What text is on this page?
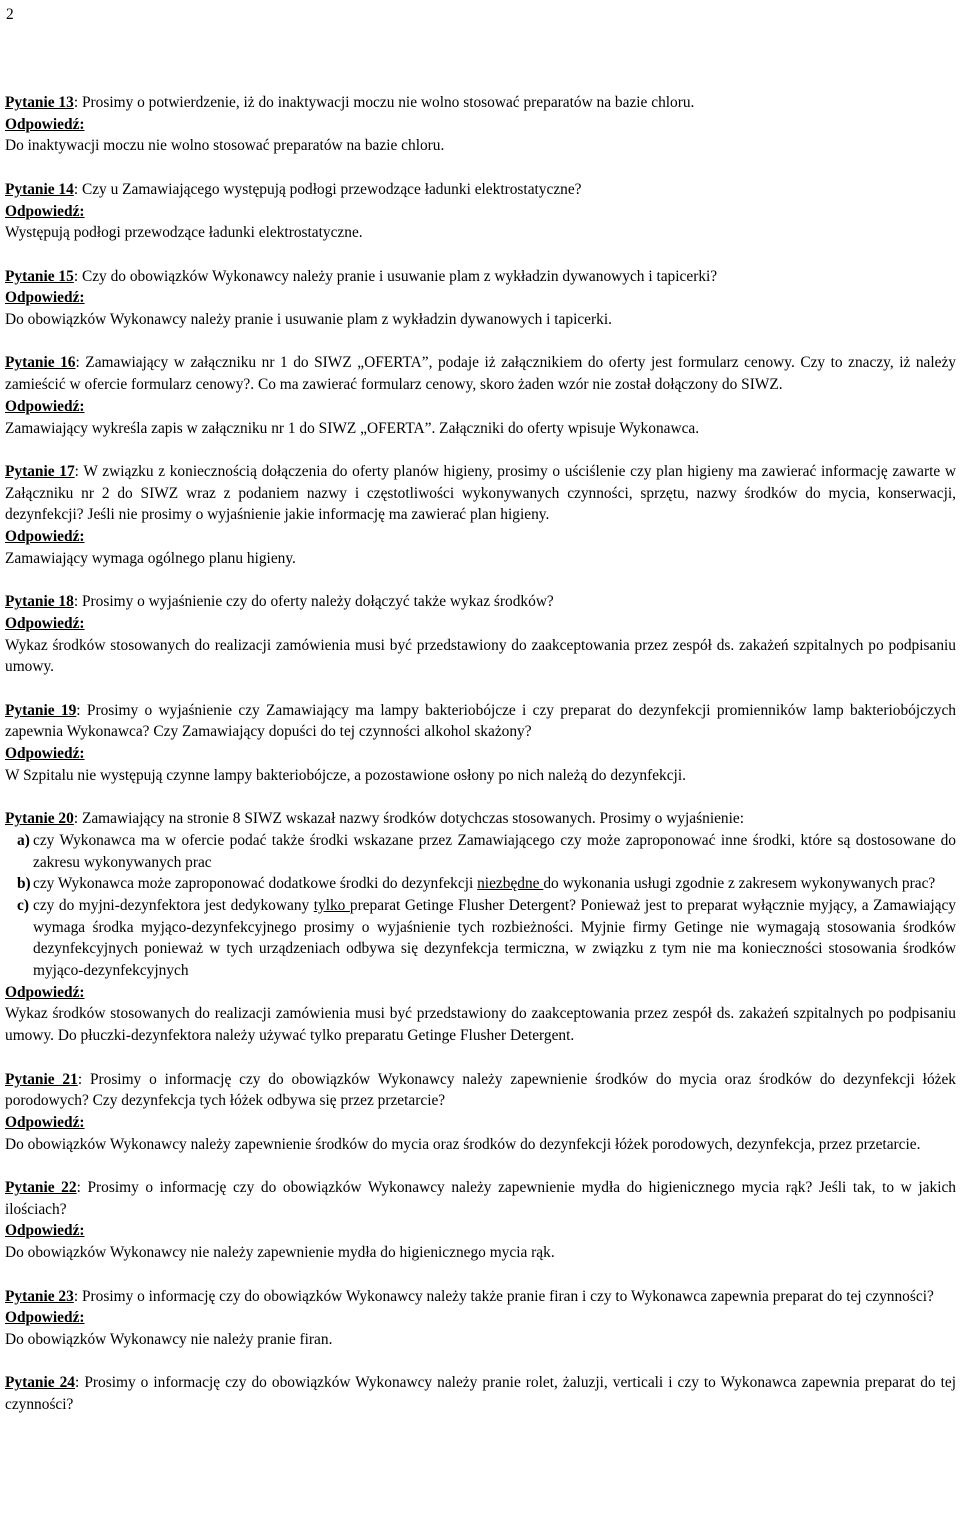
2
Pytanie 13: Prosimy o potwierdzenie, iż do inaktywacji moczu nie wolno stosować preparatów na bazie chloru.
Odpowiedź:
Do inaktywacji moczu nie wolno stosować preparatów na bazie chloru.
Pytanie 14: Czy u Zamawiającego występują podłogi przewodzące ładunki elektrostatyczne?
Odpowiedź:
Występują podłogi przewodzące ładunki elektrostatyczne.
Pytanie 15: Czy do obowiązków Wykonawcy należy pranie i usuwanie plam z wykładzin dywanowych i tapicerki?
Odpowiedź:
Do obowiązków Wykonawcy należy pranie i usuwanie plam z wykładzin dywanowych i tapicerki.
Pytanie 16: Zamawiający w załączniku nr 1 do SIWZ „OFERTA”, podaje iż załącznikiem do oferty jest formularz cenowy. Czy to znaczy, iż należy zamieścić w ofercie formularz cenowy?. Co ma zawierać formularz cenowy, skoro żaden wzór nie został dołączony do SIWZ.
Odpowiedź:
Zamawiający wykreśla zapis w załączniku nr 1 do SIWZ „OFERTA”. Załączniki do oferty wpisuje Wykonawca.
Pytanie 17: W związku z koniecznością dołączenia do oferty planów higieny, prosimy o uściślenie czy plan higieny ma zawierać informację zawarte w Załączniku nr 2 do SIWZ wraz z podaniem nazwy i częstotliwości wykonywanych czynności, sprzętu, nazwy środków do mycia, konserwacji, dezynfekcji? Jeśli nie prosimy o wyjaśnienie jakie informację ma zawierać plan higieny.
Odpowiedź:
Zamawiający wymaga ogólnego planu higieny.
Pytanie 18: Prosimy o wyjaśnienie czy do oferty należy dołączyć także wykaz środków?
Odpowiedź:
Wykaz środków stosowanych do realizacji zamówienia musi być przedstawiony do zaakceptowania przez zespół ds. zakażeń szpitalnych po podpisaniu umowy.
Pytanie 19: Prosimy o wyjaśnienie czy Zamawiający ma lampy bakteriobójcze i czy preparat do dezynfekcji promienników lamp bakteriobójczych zapewnia Wykonawca? Czy Zamawiający dopuści do tej czynności alkohol skażony?
Odpowiedź:
W Szpitalu nie występują czynne lampy bakteriobójcze, a pozostawione osłony po nich należą do dezynfekcji.
Pytanie 20: Zamawiający na stronie 8 SIWZ wskazał nazwy środków dotychczas stosowanych. Prosimy o wyjaśnienie:
a) czy Wykonawca ma w ofercie podać także środki wskazane przez Zamawiającego czy może zaproponować inne środki, które są dostosowane do zakresu wykonywanych prac
b) czy Wykonawca może zaproponować dodatkowe środki do dezynfekcji niezbędne do wykonania usługi zgodnie z zakresem wykonywanych prac?
c) czy do myjni-dezynfektora jest dedykowany tylko preparat Getinge Flusher Detergent? Ponieważ jest to preparat wyłącznie myjący, a Zamawiający wymaga środka myjąco-dezynfekcyjnego prosimy o wyjaśnienie tych rozbieżności. Myjnie firmy Getinge nie wymagają stosowania środków dezynfekcyjnych ponieważ w tych urządzeniach odbywa się dezynfekcja termiczna, w związku z tym nie ma konieczności stosowania środków myjąco-dezynfekcyjnych
Odpowiedź:
Wykaz środków stosowanych do realizacji zamówienia musi być przedstawiony do zaakceptowania przez zespół ds. zakażeń szpitalnych po podpisaniu umowy. Do płuczki-dezynfektora należy używać tylko preparatu Getinge Flusher Detergent.
Pytanie 21: Prosimy o informację czy do obowiązków Wykonawcy należy zapewnienie środków do mycia oraz środków do dezynfekcji łóżek porodowych? Czy dezynfekcja tych łóżek odbywa się przez przetarcie?
Odpowiedź:
Do obowiązków Wykonawcy należy zapewnienie środków do mycia oraz środków do dezynfekcji łóżek porodowych, dezynfekcja, przez przetarcie.
Pytanie 22: Prosimy o informację czy do obowiązków Wykonawcy należy zapewnienie mydła do higienicznego mycia rąk? Jeśli tak, to w jakich ilościach?
Odpowiedź:
Do obowiązków Wykonawcy nie należy zapewnienie mydła do higienicznego mycia rąk.
Pytanie 23: Prosimy o informację czy do obowiązków Wykonawcy należy także pranie firan i czy to Wykonawca zapewnia preparat do tej czynności?
Odpowiedź:
Do obowiązków Wykonawcy nie należy pranie firan.
Pytanie 24: Prosimy o informację czy do obowiązków Wykonawcy należy pranie rolet, żaluzji, verticali i czy to Wykonawca zapewnia preparat do tej czynności?
